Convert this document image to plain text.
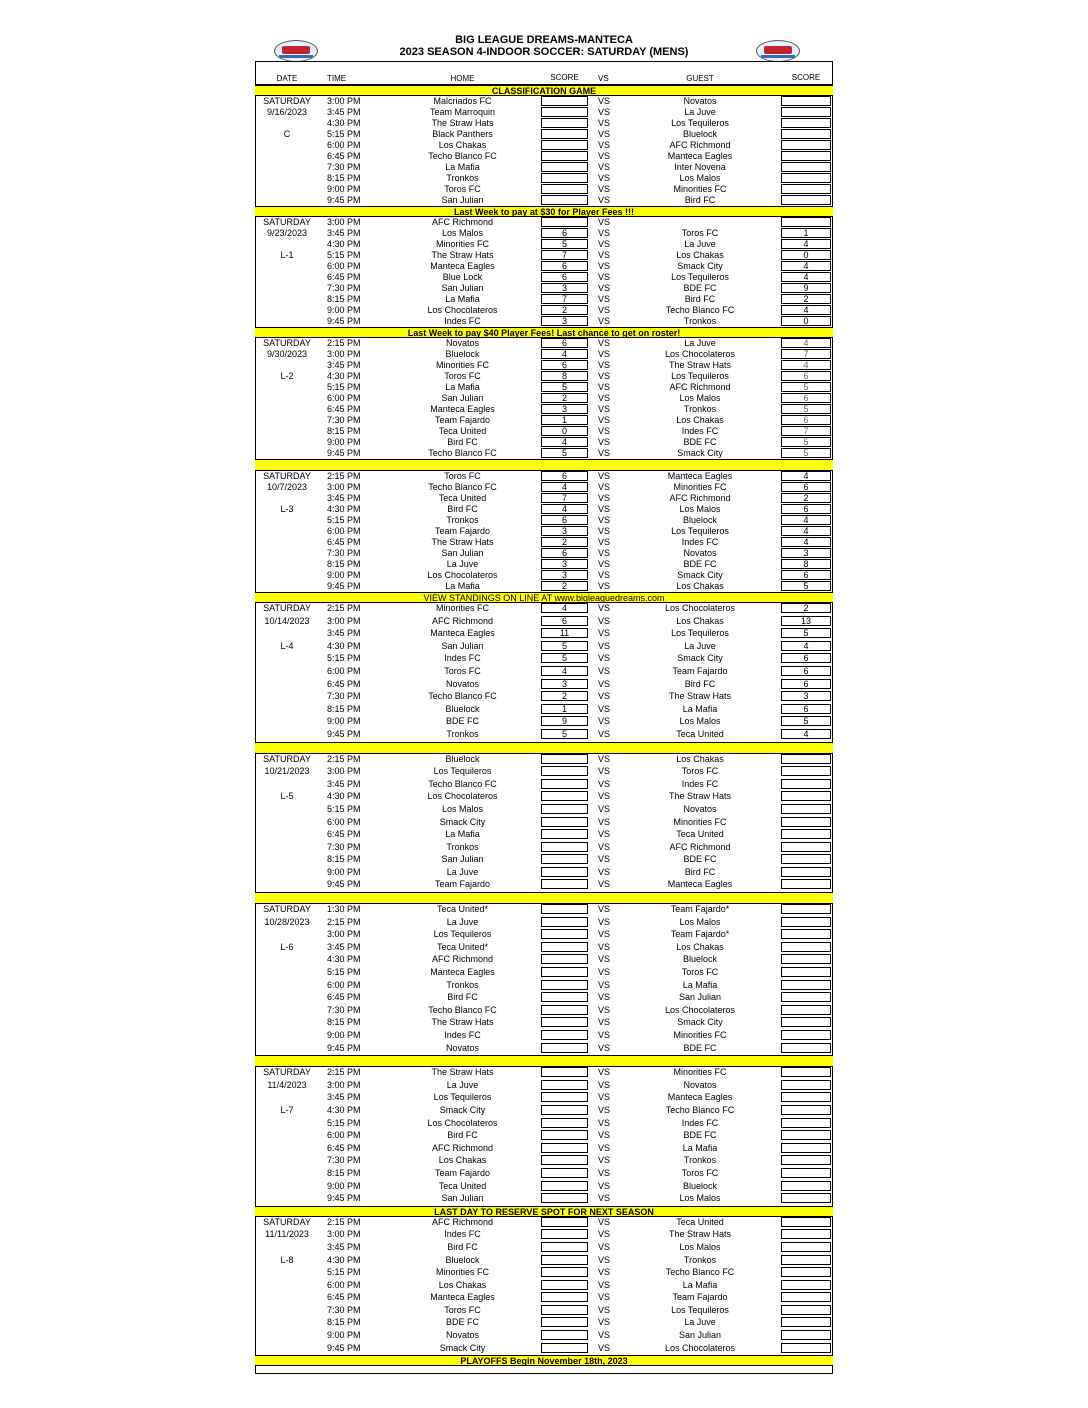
BIG LEAGUE DREAMS-MANTECA
2023 SEASON 4-INDOOR SOCCER: SATURDAY (MENS)
DATE	TIME	HOME	SCORE	VS	GUEST	SCORE
CLASSIFICATION GAME
SATURDAY	3:00 PM	Malcriados FC	VS	Novatos
9/16/2023	3:45 PM	Team Marroquin	VS	La Juve
4:30 PM	The Straw Hats	VS	Los Tequileros
C	5:15 PM	Black Panthers	VS	Bluelock
6:00 PM	Los Chakas	VS	AFC Richmond
6:45 PM	Techo Blanco FC	VS	Manteca Eagles
7:30 PM	La Mafia	VS	Inter Novena
8:15 PM	Tronkos	VS	Los Malos
9:00 PM	Toros FC	VS	Minorities FC
9:45 PM	San Julian	VS	Bird FC
Last Week to pay at $30 for Player Fees !!!
SATURDAY	3:00 PM	AFC Richmond	VS
9/23/2023	3:45 PM	Los Malos	6	VS	Toros FC	1
4:30 PM	Minorities FC	5	VS	La Juve	4
L-1	5:15 PM	The Straw Hats	7	VS	Los Chakas	0
6:00 PM	Manteca Eagles	6	VS	Smack City	4
6:45 PM	Blue Lock	6	VS	Los Tequileros	4
7:30 PM	San Julian	3	VS	BDE FC	9
8:15 PM	La Mafia	7	VS	Bird FC	2
9:00 PM	Los Chocolateros	2	VS	Techo Blanco FC	4
9:45 PM	Indes FC	3	VS	Tronkos	0
Last Week to pay $40 Player Fees! Last chance to get on roster!
SATURDAY	2:15 PM	Novatos	6	VS	La Juve	4
9/30/2023	3:00 PM	Bluelock	4	VS	Los Chocolateros	7
3:45 PM	Minorities FC	6	VS	The Straw Hats	4
L-2	4:30 PM	Toros FC	8	VS	Los Tequileros	6
5:15 PM	La Mafia	5	VS	AFC Richmond	5
6:00 PM	San Julian	2	VS	Los Malos	6
6:45 PM	Manteca Eagles	3	VS	Tronkos	5
7:30 PM	Team Fajardo	1	VS	Los Chakas	6
8:15 PM	Teca United	0	VS	Indes FC	7
9:00 PM	Bird FC	4	VS	BDE FC	5
9:45 PM	Techo Blanco FC	5	VS	Smack City	5
SATURDAY	2:15 PM	Toros FC	6	VS	Manteca Eagles	4
10/7/2023	3:00 PM	Techo Blanco FC	4	VS	Minorities FC	6
3:45 PM	Teca United	7	VS	AFC Richmond	2
L-3	4:30 PM	Bird FC	4	VS	Los Malos	6
5:15 PM	Tronkos	6	VS	Bluelock	4
6:00 PM	Team Fajardo	3	VS	Los Tequileros	4
6:45 PM	The Straw Hats	2	VS	Indes FC	4
7:30 PM	San Julian	6	VS	Novatos	3
8:15 PM	La Juve	3	VS	BDE FC	8
9:00 PM	Los Chocolateros	3	VS	Smack City	6
9:45 PM	La Mafia	2	VS	Los Chakas	5
VIEW STANDINGS ON LINE AT www.bigleaguedreams.com
SATURDAY	2:15 PM	Minorities FC	4	VS	Los Chocolateros	2
10/14/2023	3:00 PM	AFC Richmond	6	VS	Los Chakas	13
3:45 PM	Manteca Eagles	11	VS	Los Tequileros	5
L-4	4:30 PM	San Julian	5	VS	La Juve	4
5:15 PM	Indes FC	5	VS	Smack City	6
6:00 PM	Toros FC	4	VS	Team Fajardo	6
6:45 PM	Novatos	3	VS	Bird FC	6
7:30 PM	Techo Blanco FC	2	VS	The Straw Hats	3
8:15 PM	Bluelock	1	VS	La Mafia	6
9:00 PM	BDE FC	9	VS	Los Malos	5
9:45 PM	Tronkos	5	VS	Teca United	4
SATURDAY	2:15 PM	Bluelock	VS	Los Chakas
10/21/2023	3:00 PM	Los Tequileros	VS	Toros FC
3:45 PM	Techo Blanco FC	VS	Indes FC
L-5	4:30 PM	Los Chocolateros	VS	The Straw Hats
5:15 PM	Los Malos	VS	Novatos
6:00 PM	Smack City	VS	Minorities FC
6:45 PM	La Mafia	VS	Teca United
7:30 PM	Tronkos	VS	AFC Richmond
8:15 PM	San Julian	VS	BDE FC
9:00 PM	La Juve	VS	Bird FC
9:45 PM	Team Fajardo	VS	Manteca Eagles
SATURDAY	1:30 PM	Teca United*	VS	Team Fajardo*
10/28/2023	2:15 PM	La Juve	VS	Los Malos
3:00 PM	Los Tequileros	VS	Team Fajardo*
L-6	3:45 PM	Teca United*	VS	Los Chakas
4:30 PM	AFC Richmond	VS	Bluelock
5:15 PM	Manteca Eagles	VS	Toros FC
6:00 PM	Tronkos	VS	La Mafia
6:45 PM	Bird FC	VS	San Julian
7:30 PM	Techo Blanco FC	VS	Los Chocolateros
8:15 PM	The Straw Hats	VS	Smack City
9:00 PM	Indes FC	VS	Minorities FC
9:45 PM	Novatos	VS	BDE FC
SATURDAY	2:15 PM	The Straw Hats	VS	Minorities FC
11/4/2023	3:00 PM	La Juve	VS	Novatos
3:45 PM	Los Tequileros	VS	Manteca Eagles
L-7	4:30 PM	Smack City	VS	Techo Blanco FC
5:15 PM	Los Chocolateros	VS	Indes FC
6:00 PM	Bird FC	VS	BDE FC
6:45 PM	AFC Richmond	VS	La Mafia
7:30 PM	Los Chakas	VS	Tronkos
8:15 PM	Team Fajardo	VS	Toros FC
9:00 PM	Teca United	VS	Bluelock
9:45 PM	San Julian	VS	Los Malos
LAST DAY TO RESERVE SPOT FOR NEXT SEASON
SATURDAY	2:15 PM	AFC Richmond	VS	Teca United
11/11/2023	3:00 PM	Indes FC	VS	The Straw Hats
3:45 PM	Bird FC	VS	Los Malos
L-8	4:30 PM	Bluelock	VS	Tronkos
5:15 PM	Minorities FC	VS	Techo Blanco FC
6:00 PM	Los Chakas	VS	La Mafia
6:45 PM	Manteca Eagles	VS	Team Fajardo
7:30 PM	Toros FC	VS	Los Tequileros
8:15 PM	BDE FC	VS	La Juve
9:00 PM	Novatos	VS	San Julian
9:45 PM	Smack City	VS	Los Chocolateros
PLAYOFFS Begin November 18th, 2023
